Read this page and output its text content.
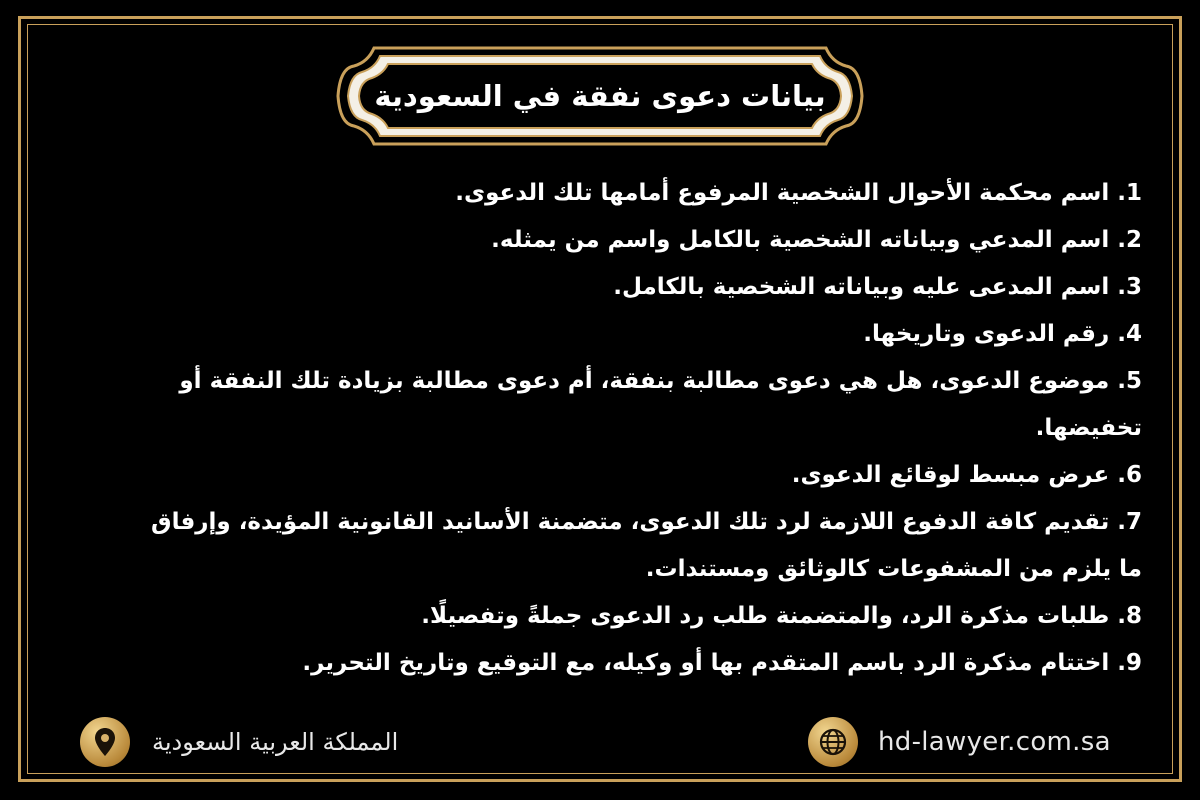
بيانات دعوى نفقة في السعودية
1. اسم محكمة الأحوال الشخصية المرفوع أمامها تلك الدعوى.
2. اسم المدعي وبياناته الشخصية بالكامل واسم من يمثله.
3. اسم المدعى عليه وبياناته الشخصية بالكامل.
4. رقم الدعوى وتاريخها.
5. موضوع الدعوى، هل هي دعوى مطالبة بنفقة، أم دعوى مطالبة بزيادة تلك النفقة أو تخفيضها.
6. عرض مبسط لوقائع الدعوى.
7. تقديم كافة الدفوع اللازمة لرد تلك الدعوى، متضمنة الأسانيد القانونية المؤيدة، وإرفاق ما يلزم من المشفوعات كالوثائق ومستندات.
8. طلبات مذكرة الرد، والمتضمنة طلب رد الدعوى جملةً وتفصيلًا.
9. اختتام مذكرة الرد باسم المتقدم بها أو وكيله، مع التوقيع وتاريخ التحرير.
المملكة العربية السعودية	hd-lawyer.com.sa
